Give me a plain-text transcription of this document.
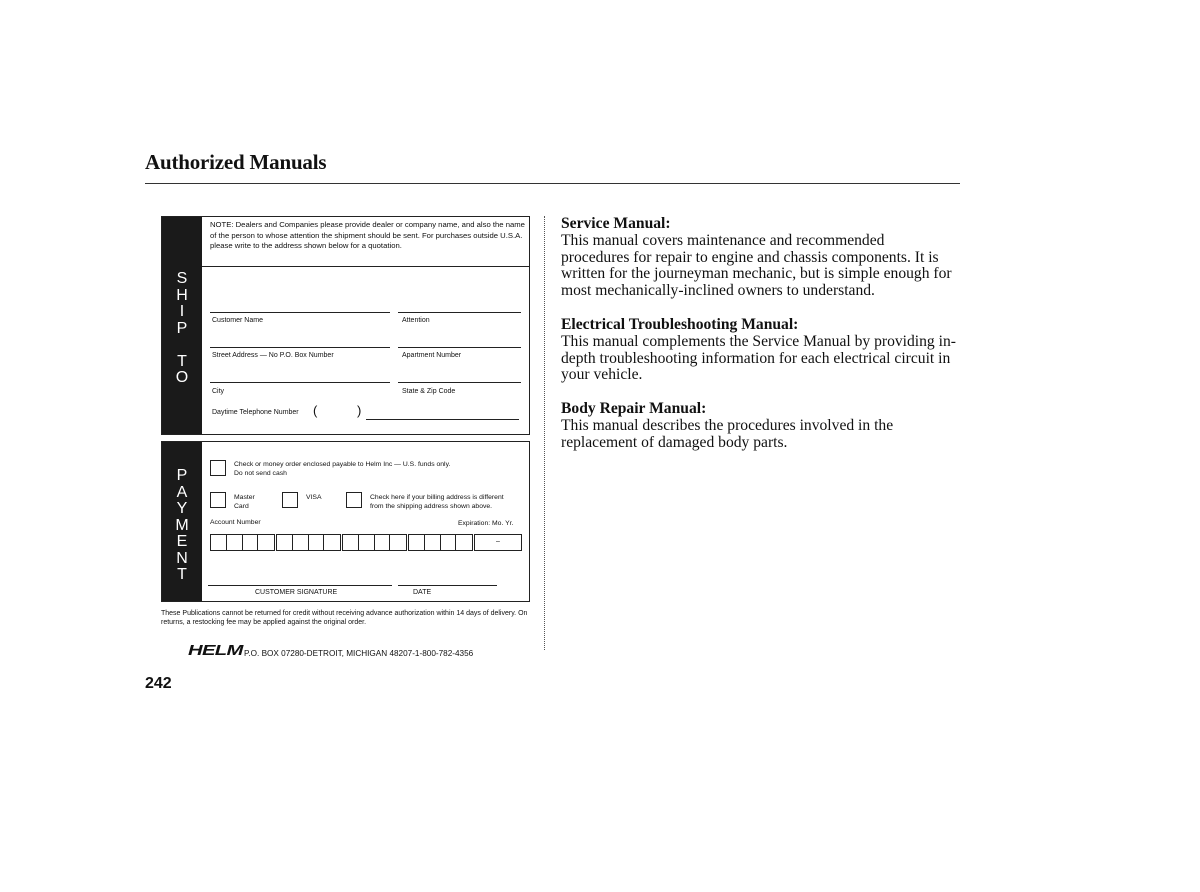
Authorized Manuals
S
H
I
P

T
O
NOTE: Dealers and Companies please provide dealer or company name, and also the name of the person to whose attention the shipment should be sent. For purchases outside U.S.A. please write to the address shown below for a quotation.
Customer Name	Attention
Street Address — No P.O. Box Number	Apartment Number
City	State & Zip Code
Daytime Telephone Number (	)
P
A
Y
M
E
N
T
Check or money order enclosed payable to Helm Inc — U.S. funds only.
Do not send cash
Master
Card
VISA	Check here if your billing address is different
from the shipping address shown above.
Account Number	Expiration: Mo. Yr.
–
CUSTOMER SIGNATURE	DATE
These Publications cannot be returned for credit without receiving advance authorization within 14 days of delivery. On returns, a restocking fee may be applied against the original order.
HELM P.O. BOX 07280-DETROIT, MICHIGAN 48207-1-800-782-4356
242
Service Manual:
This manual covers maintenance and recommended procedures for repair to engine and chassis components. It is written for the journeyman mechanic, but is simple enough for most mechanically-inclined owners to understand.
Electrical Troubleshooting Manual:
This manual complements the Service Manual by providing in-depth troubleshooting information for each electrical circuit in your vehicle.
Body Repair Manual:
This manual describes the procedures involved in the replacement of damaged body parts.
